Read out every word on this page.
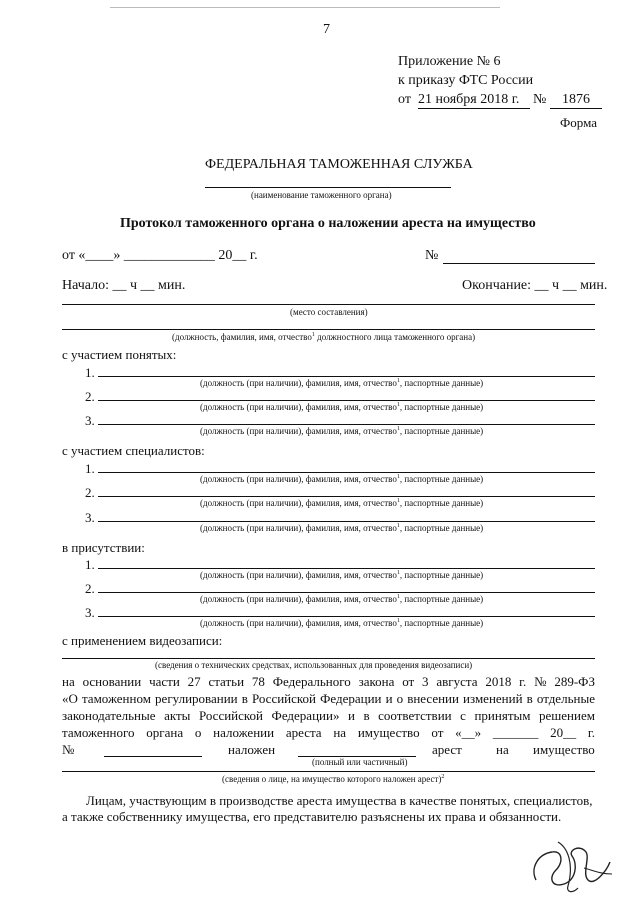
7
Приложение № 6
к приказу ФТС России
от 21 ноября 2018 г. №	1876
Форма
ФЕДЕРАЛЬНАЯ ТАМОЖЕННАЯ СЛУЖБА
(наименование таможенного органа)
Протокол таможенного органа о наложении ареста на имущество
от «____» _____________ 20__ г.	№
Начало: __ ч __ мин.	Окончание: __ ч __ мин.
(место составления)
(должность, фамилия, имя, отчество$^1$ должностного лица таможенного органа)
с участием понятых:
1.
(должность (при наличии), фамилия, имя, отчество$^1$, паспортные данные)
2.
(должность (при наличии), фамилия, имя, отчество$^1$, паспортные данные)
3.
(должность (при наличии), фамилия, имя, отчество$^1$, паспортные данные)
с участием специалистов:
1.
(должность (при наличии), фамилия, имя, отчество$^1$, паспортные данные)
2.
(должность (при наличии), фамилия, имя, отчество$^1$, паспортные данные)
3.
(должность (при наличии), фамилия, имя, отчество$^1$, паспортные данные)
в присутствии:
1.
(должность (при наличии), фамилия, имя, отчество$^1$, паспортные данные)
2.
(должность (при наличии), фамилия, имя, отчество$^1$, паспортные данные)
3.
(должность (при наличии), фамилия, имя, отчество$^1$, паспортные данные)
с применением видеозаписи:
(сведения о технических средствах, использованных для проведения видеозаписи)
на основании части 27 статьи 78 Федерального закона от 3 августа 2018 г. № 289-ФЗ
«О таможенном регулировании в Российской Федерации и о внесении изменений в отдельные
законодательные акты Российской Федерации» и в соответствии с принятым решением
таможенного органа о наложении ареста на имущество от «__» _______ 20__ г.
№	наложен	арест	на имущество
(полный или частичный)
(сведения о лице, на имущество которого наложен арест)$^2$
Лицам, участвующим в производстве ареста имущества в качестве понятых, специалистов,
а также собственнику имущества, его представителю разъяснены их права и обязанности.
